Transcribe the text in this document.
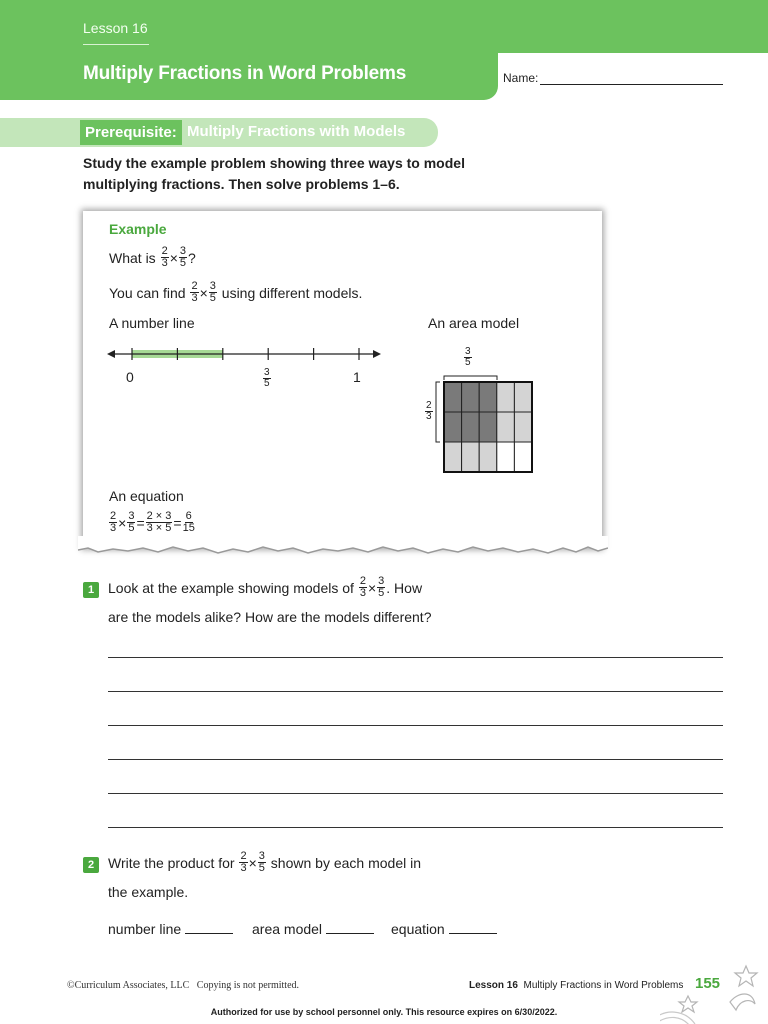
Lesson 16
Multiply Fractions in Word Problems	Name:
Prerequisite: Multiply Fractions with Models
Study the example problem showing three ways to model multiplying fractions. Then solve problems 1–6.
Example
What is
$\frac{2}{3} \times \frac{3}{5}$ ?
You can find
$\frac{2}{3} \times \frac{3}{5}$
using different models.
A number line	An area model
0	$\frac{3}{5}$	1
$\frac{3}{5}$
$\frac{2}{3}$
An equation
$\frac{2}{3} \times \frac{3}{5} = \frac{2 \times 3}{3 \times 5} = \frac{6}{15}$
1 Look at the example showing models of
$\frac{2}{3} \times \frac{3}{5}$ . How
are the models alike? How are the models different?
2 Write the product for
$\frac{2}{3} \times \frac{3}{5}$
shown by each model in
the example.
number line	area model	equation
©Curriculum Associates, LLC   Copying is not permitted.	Lesson 16 Multiply Fractions in Word Problems 155
Authorized for use by school personnel only. This resource expires on 6/30/2022.
